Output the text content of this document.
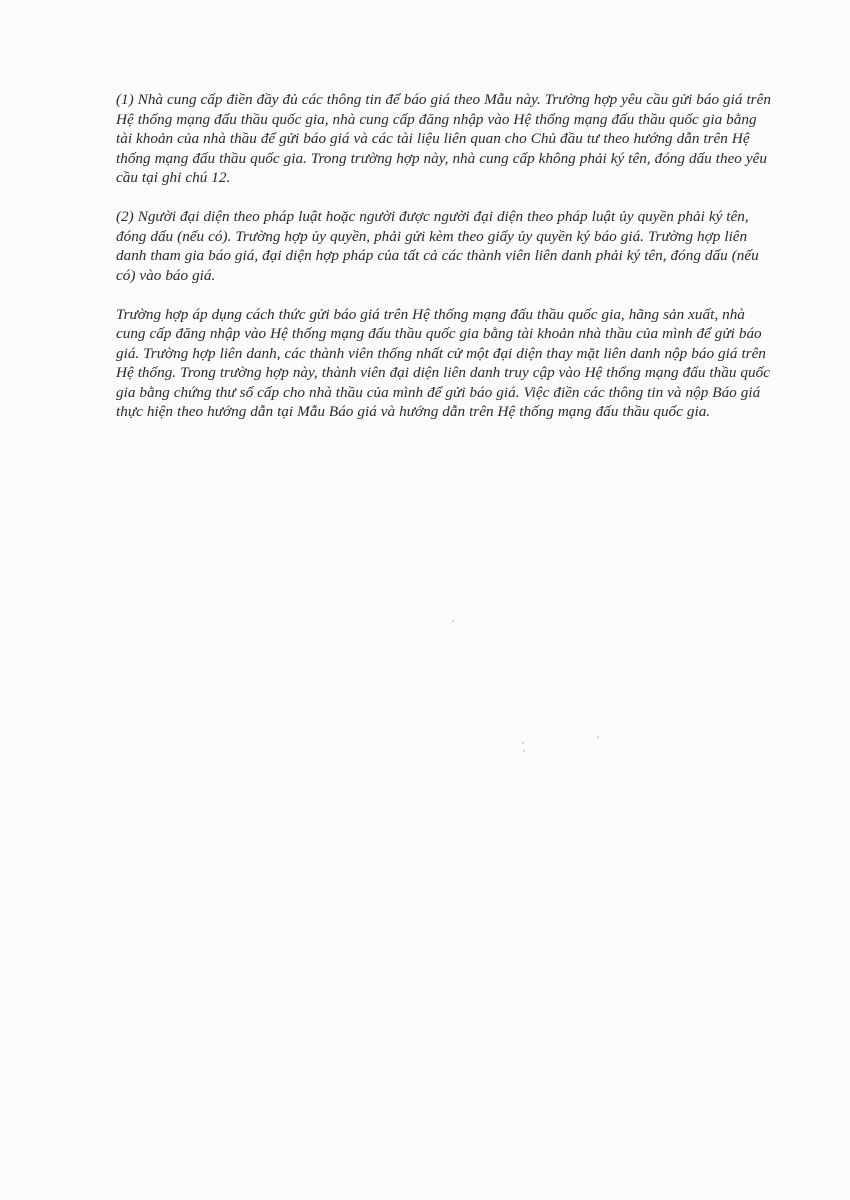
(1) Nhà cung cấp điền đầy đủ các thông tin để báo giá theo Mẫu này. Trường hợp yêu cầu gửi báo giá trên Hệ thống mạng đấu thầu quốc gia, nhà cung cấp đăng nhập vào Hệ thống mạng đấu thầu quốc gia bằng tài khoản của nhà thầu để gửi báo giá và các tài liệu liên quan cho Chủ đầu tư theo hướng dẫn trên Hệ thống mạng đấu thầu quốc gia. Trong trường hợp này, nhà cung cấp không phải ký tên, đóng dấu theo yêu cầu tại ghi chú 12.

(2) Người đại diện theo pháp luật hoặc người được người đại diện theo pháp luật ủy quyền phải ký tên, đóng dấu (nếu có). Trường hợp ủy quyền, phải gửi kèm theo giấy ủy quyền ký báo giá. Trường hợp liên danh tham gia báo giá, đại diện hợp pháp của tất cả các thành viên liên danh phải ký tên, đóng dấu (nếu có) vào báo giá.

Trường hợp áp dụng cách thức gửi báo giá trên Hệ thống mạng đấu thầu quốc gia, hãng sản xuất, nhà cung cấp đăng nhập vào Hệ thống mạng đấu thầu quốc gia bằng tài khoản nhà thầu của mình để gửi báo giá. Trường hợp liên danh, các thành viên thống nhất cử một đại diện thay mặt liên danh nộp báo giá trên Hệ thống. Trong trường hợp này, thành viên đại diện liên danh truy cập vào Hệ thống mạng đấu thầu quốc gia bằng chứng thư số cấp cho nhà thầu của mình để gửi báo giá. Việc điền các thông tin và nộp Báo giá thực hiện theo hướng dẫn tại Mẫu Báo giá và hướng dẫn trên Hệ thống mạng đấu thầu quốc gia.
